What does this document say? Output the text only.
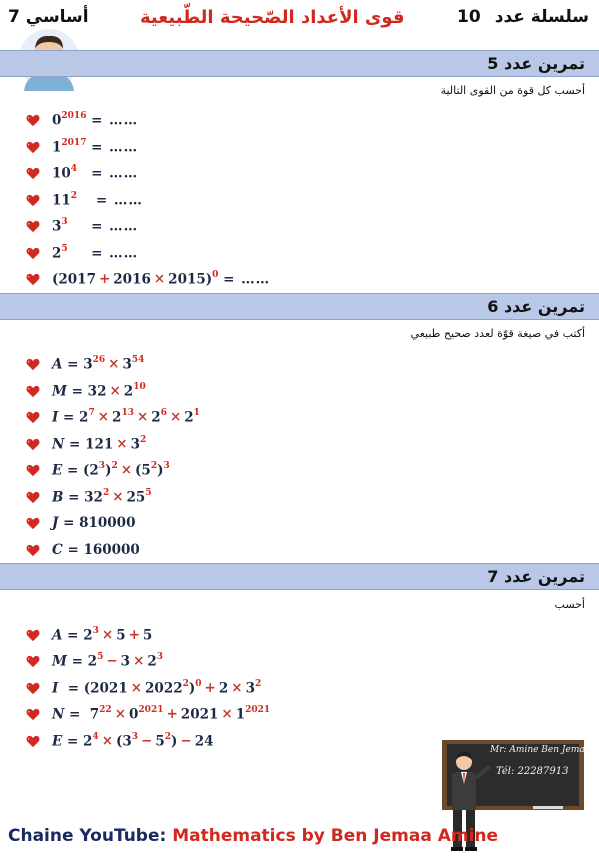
7 أساسي	قوى الأعداد الصّحيحة الطّبيعية	سلسلة عدد10
تمرين عدد 5
أحسب كل قوة من القوى التالية
$0^{2016}$ = ……
$1^{2017}$ = ……
$10^4$ = ……
$11^2$ = ……
$3^3$ = ……
$2^5$ = ……
$(2017 + 2016 \times 2015)^0$ = ……
تمرين عدد 6
أكتب في صيغة قوّة لعدد صحيح طبيعي
$A = 3^{26} \times 3^{54}$
$M = 32 \times 2^{10}$
$I = 2^7 \times 2^{13} \times 2^6 \times 2^1$
$N = 121 \times 3^2$
$E = (2^3)^2 \times (5^2)^3$
$B = 32^2 \times 25^5$
J = 810000
C = 160000
تمرين عدد 7
أحسب
$A = 2^3 \times 5 + 5$
$M = 2^5 - 3 \times 2^3$
$I = (2021 \times 2022^2)^0 + 2 \times 3^2$
$N = 7^{22} \times 0^{2021} + 2021 \times 1^{2021}$
$E = 2^4 \times (3^3 - 5^2) - 24$
Mr: Amine Ben Jemaa
Tél: 22287913
Chaine YouTube: Mathematics by Ben Jemaa Amine
